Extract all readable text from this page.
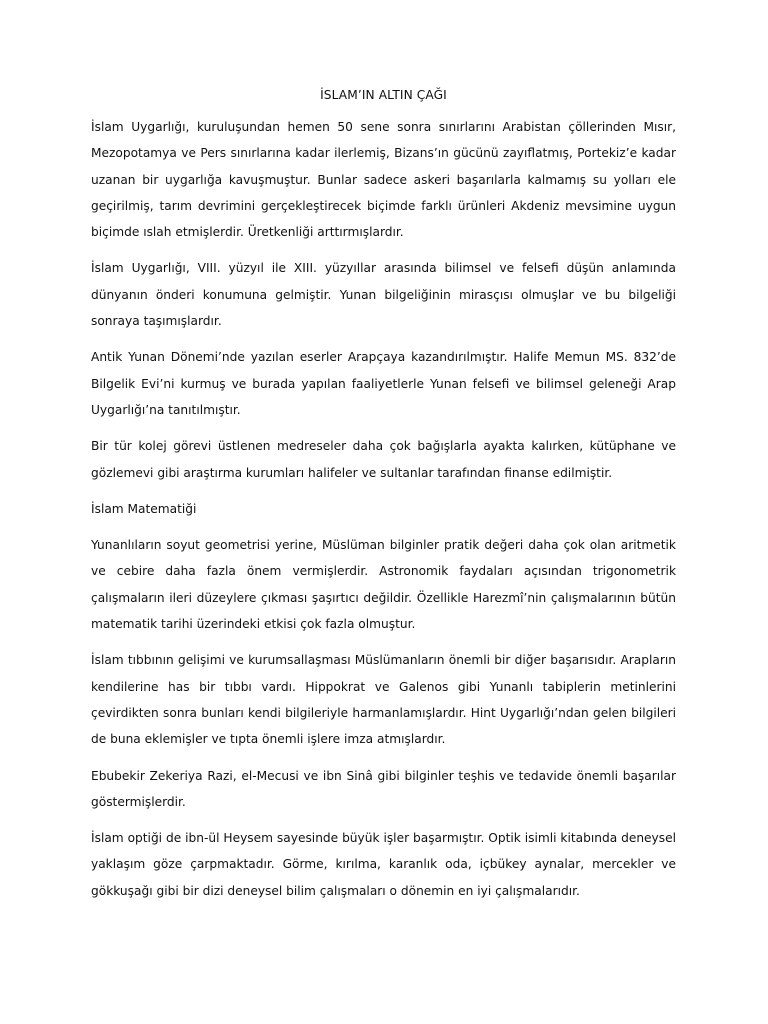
İSLAM’IN ALTIN ÇAĞI

İslam Uygarlığı, kuruluşundan hemen 50 sene sonra sınırlarını Arabistan çöllerinden Mısır, Mezopotamya ve Pers sınırlarına kadar ilerlemiş, Bizans’ın gücünü zayıflatmış, Portekiz’e kadar uzanan bir uygarlığa kavuşmuştur. Bunlar sadece askeri başarılarla kalmamış su yolları ele geçirilmiş, tarım devrimini gerçekleştirecek biçimde farklı ürünleri Akdeniz mevsimine uygun biçimde ıslah etmişlerdir. Üretkenliği arttırmışlardır.

İslam Uygarlığı, VIII. yüzyıl ile XIII. yüzyıllar arasında bilimsel ve felsefi düşün anlamında dünyanın önderi konumuna gelmiştir. Yunan bilgeliğinin mirasçısı olmuşlar ve bu bilgeliği sonraya taşımışlardır.

Antik Yunan Dönemi’nde yazılan eserler Arapçaya kazandırılmıştır. Halife Memun MS. 832’de Bilgelik Evi’ni kurmuş ve burada yapılan faaliyetlerle Yunan felsefi ve bilimsel geleneği Arap Uygarlığı’na tanıtılmıştır.

Bir tür kolej görevi üstlenen medreseler daha çok bağışlarla ayakta kalırken, kütüphane ve gözlemevi gibi araştırma kurumları halifeler ve sultanlar tarafından finanse edilmiştir.

İslam Matematiği

Yunanlıların soyut geometrisi yerine, Müslüman bilginler pratik değeri daha çok olan aritmetik ve cebire daha fazla önem vermişlerdir. Astronomik faydaları açısından trigonometrik çalışmaların ileri düzeylere çıkması şaşırtıcı değildir. Özellikle Harezmî’nin çalışmalarının bütün matematik tarihi üzerindeki etkisi çok fazla olmuştur.

İslam tıbbının gelişimi ve kurumsallaşması Müslümanların önemli bir diğer başarısıdır. Arapların kendilerine has bir tıbbı vardı. Hippokrat ve Galenos gibi Yunanlı tabiplerin metinlerini çevirdikten sonra bunları kendi bilgileriyle harmanlamışlardır. Hint Uygarlığı’ndan gelen bilgileri de buna eklemişler ve tıpta önemli işlere imza atmışlardır.

Ebubekir Zekeriya Razi, el-Mecusi ve ibn Sinâ gibi bilginler teşhis ve tedavide önemli başarılar göstermişlerdir.

İslam optiği de ibn-ül Heysem sayesinde büyük işler başarmıştır. Optik isimli kitabında deneysel yaklaşım göze çarpmaktadır. Görme, kırılma, karanlık oda, içbükey aynalar, mercekler ve gökkuşağı gibi bir dizi deneysel bilim çalışmaları o dönemin en iyi çalışmalarıdır.
